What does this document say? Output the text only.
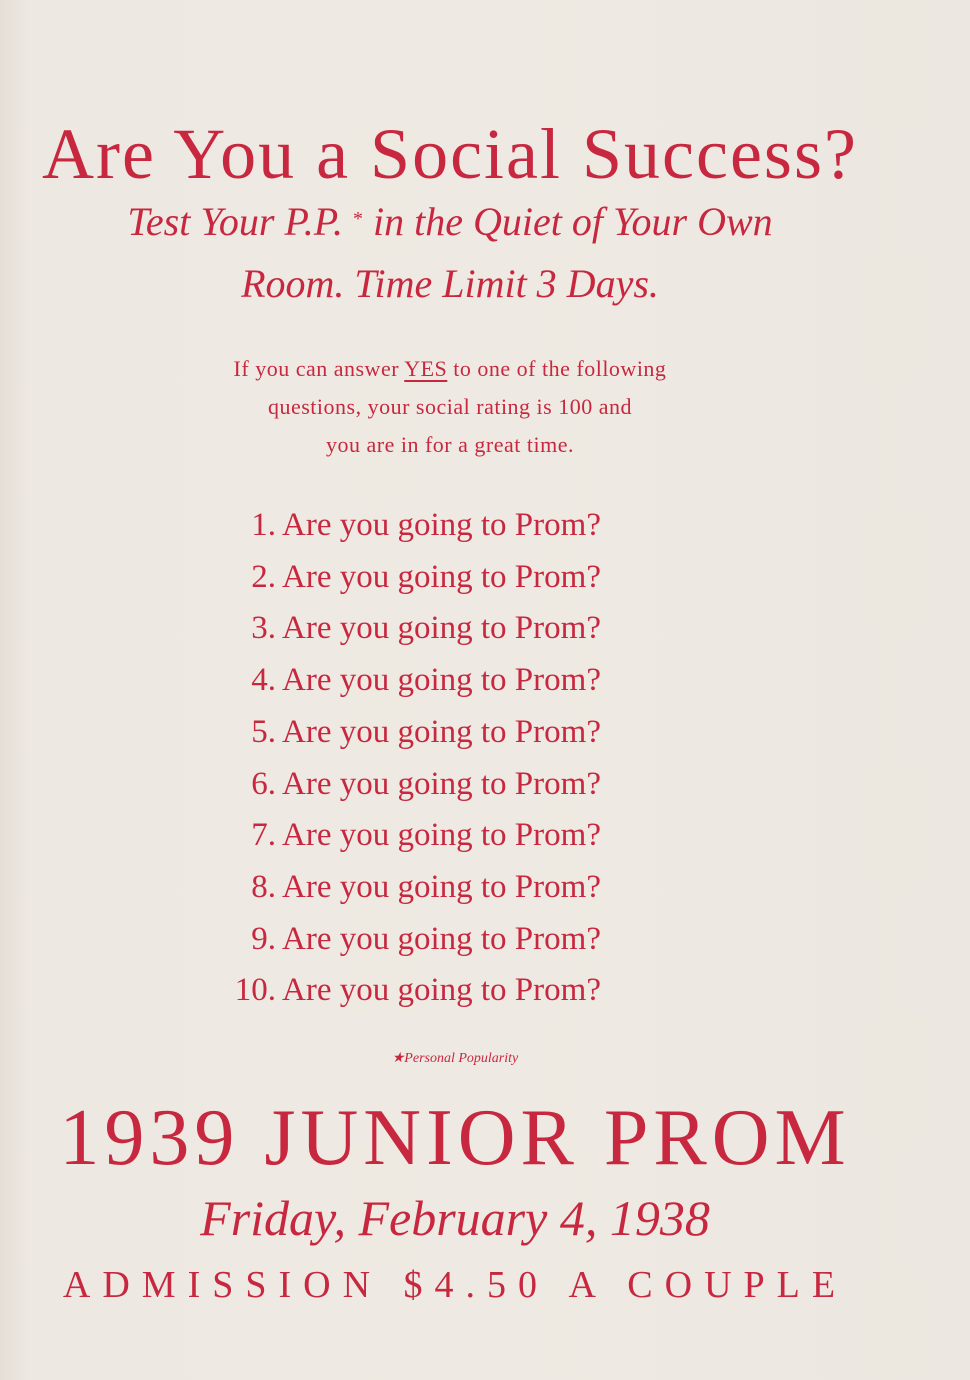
Are You a Social Success?
Test Your P.P. * in the Quiet of Your Own
Room. Time Limit 3 Days.
If you can answer YES to one of the following
questions, your social rating is 100 and
you are in for a great time.
1. Are you going to Prom?
2. Are you going to Prom?
3. Are you going to Prom?
4. Are you going to Prom?
5. Are you going to Prom?
6. Are you going to Prom?
7. Are you going to Prom?
8. Are you going to Prom?
9. Are you going to Prom?
10. Are you going to Prom?
★Personal Popularity
1939 JUNIOR PROM
Friday, February 4, 1938
ADMISSION $4.50 A COUPLE
